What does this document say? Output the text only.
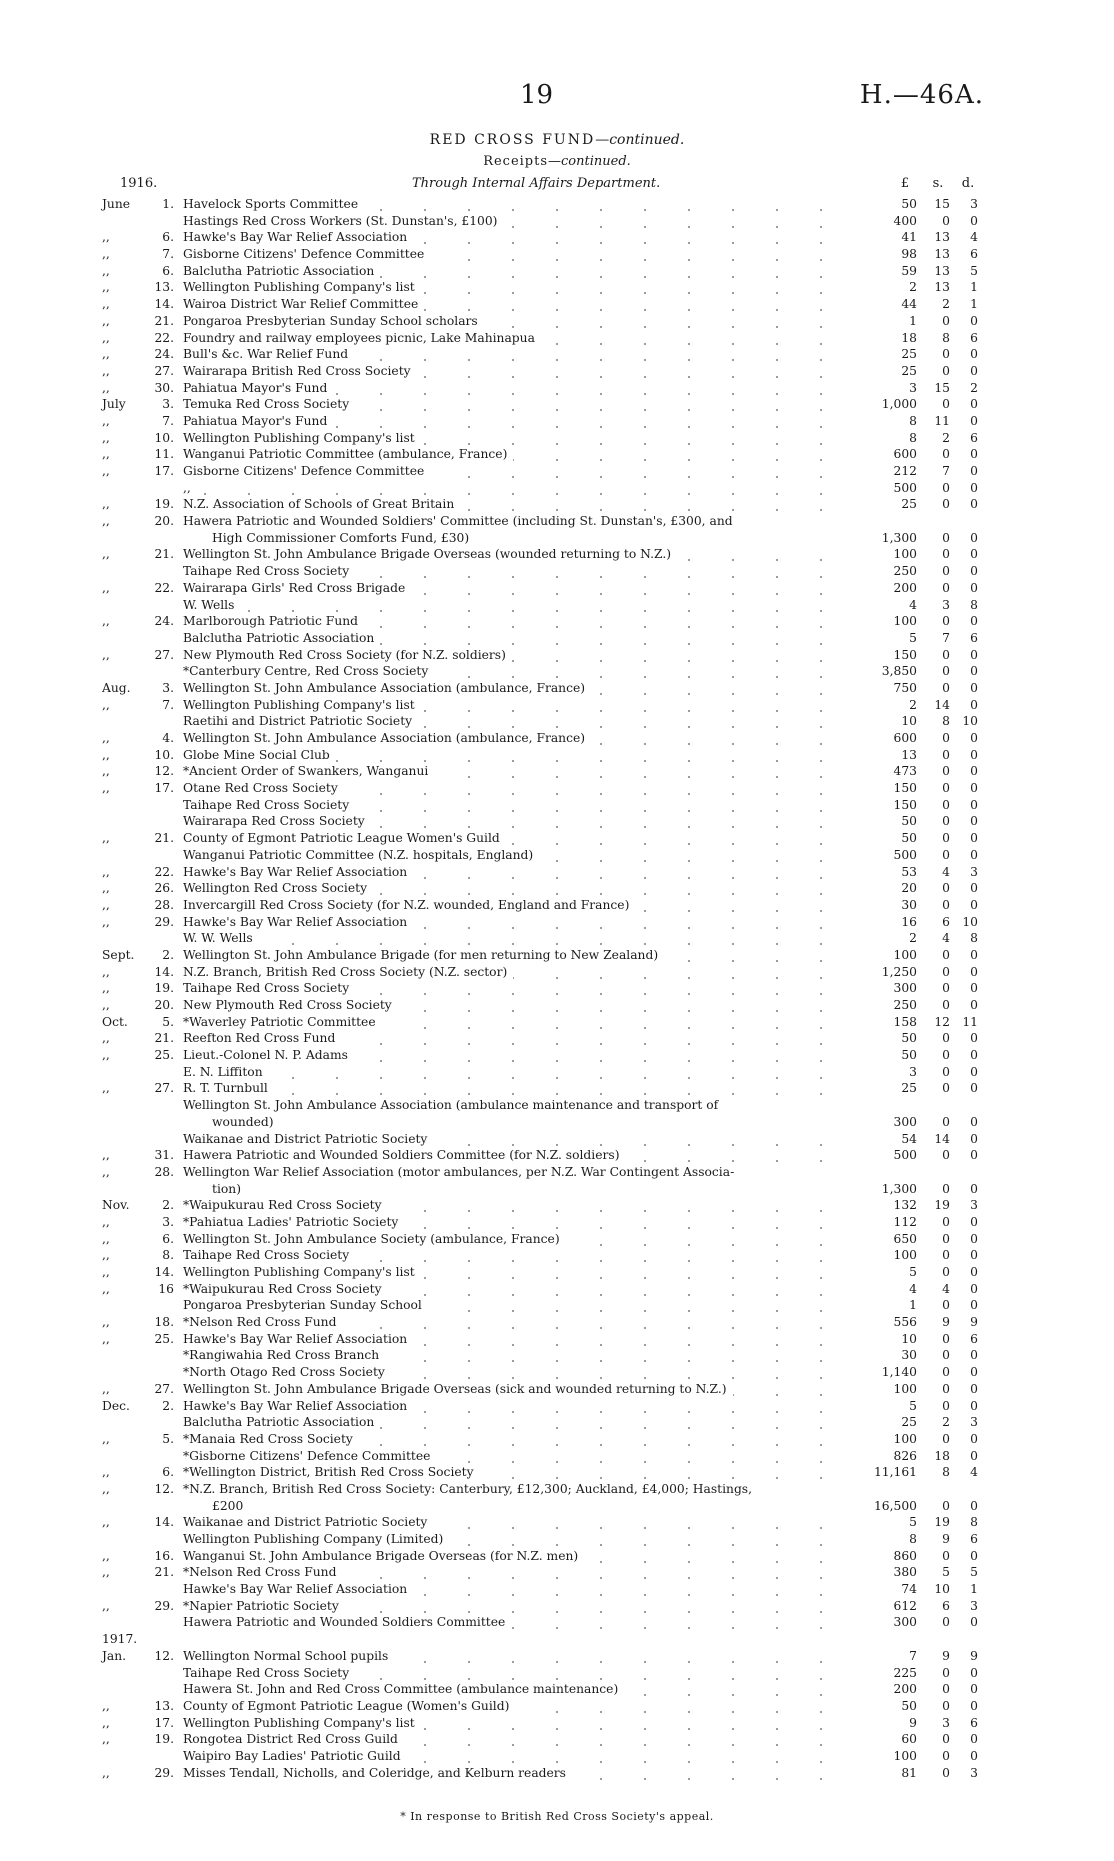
19	H.—46A.
RED CROSS FUND—continued.
Receipts—continued.
1916.	Through Internal Affairs Department.	£	s.	d.
June	1. Havelock Sports Committee	50	15	3
Hastings Red Cross Workers (St. Dunstan's, £100)	400	0	0
,,	6. Hawke's Bay War Relief Association	41	13	4
,,	7. Gisborne Citizens' Defence Committee	98	13	6
,,	6. Balclutha Patriotic Association	59	13	5
,,	13. Wellington Publishing Company's list	2	13	1
,,	14. Wairoa District War Relief Committee	44	2	1
,,	21. Pongaroa Presbyterian Sunday School scholars	1	0	0
,,	22. Foundry and railway employees picnic, Lake Mahinapua	18	8	6
,,	24. Bull's &c. War Relief Fund	25	0	0
,,	27. Wairarapa British Red Cross Society	25	0	0
,,	30. Pahiatua Mayor's Fund	3	15	2
July	3. Temuka Red Cross Society	1,000	0	0
,,	7. Pahiatua Mayor's Fund	8	11	0
,,	10. Wellington Publishing Company's list	8	2	6
,,	11. Wanganui Patriotic Committee (ambulance, France)	600	0	0
,,	17. Gisborne Citizens' Defence Committee	212	7	0
,,	500	0	0
,,	19. N.Z. Association of Schools of Great Britain	25	0	0
,,	20. Hawera Patriotic and Wounded Soldiers' Committee (including St. Dunstan's, £300, and
High Commissioner Comforts Fund, £30)	1,300	0	0
,,	21. Wellington St. John Ambulance Brigade Overseas (wounded returning to N.Z.)	100	0	0
Taihape Red Cross Society	250	0	0
,,	22. Wairarapa Girls' Red Cross Brigade	200	0	0
W. Wells	4	3	8
,,	24. Marlborough Patriotic Fund	100	0	0
Balclutha Patriotic Association	5	7	6
,,	27. New Plymouth Red Cross Society (for N.Z. soldiers)	150	0	0
*Canterbury Centre, Red Cross Society	3,850	0	0
Aug.	3. Wellington St. John Ambulance Association (ambulance, France)	750	0	0
,,	7. Wellington Publishing Company's list	2	14	0
Raetihi and District Patriotic Society	10	8	10
,,	4. Wellington St. John Ambulance Association (ambulance, France)	600	0	0
,,	10. Globe Mine Social Club	13	0	0
,,	12. *Ancient Order of Swankers, Wanganui	473	0	0
,,	17. Otane Red Cross Society	150	0	0
Taihape Red Cross Society	150	0	0
Wairarapa Red Cross Society	50	0	0
,,	21. County of Egmont Patriotic League Women's Guild	50	0	0
Wanganui Patriotic Committee (N.Z. hospitals, England)	500	0	0
,,	22. Hawke's Bay War Relief Association	53	4	3
,,	26. Wellington Red Cross Society	20	0	0
,,	28. Invercargill Red Cross Society (for N.Z. wounded, England and France)	30	0	0
,,	29. Hawke's Bay War Relief Association	16	6	10
W. W. Wells	2	4	8
Sept.	2. Wellington St. John Ambulance Brigade (for men returning to New Zealand)	100	0	0
,,	14. N.Z. Branch, British Red Cross Society (N.Z. sector)	1,250	0	0
,,	19. Taihape Red Cross Society	300	0	0
,,	20. New Plymouth Red Cross Society	250	0	0
Oct.	5. *Waverley Patriotic Committee	158	12	11
,,	21. Reefton Red Cross Fund	50	0	0
,,	25. Lieut.-Colonel N. P. Adams	50	0	0
E. N. Liffiton	3	0	0
,,	27. R. T. Turnbull	25	0	0
Wellington St. John Ambulance Association (ambulance maintenance and transport of
wounded)	300	0	0
Waikanae and District Patriotic Society	54	14	0
,,	31. Hawera Patriotic and Wounded Soldiers Committee (for N.Z. soldiers)	500	0	0
,,	28. Wellington War Relief Association (motor ambulances, per N.Z. War Contingent Associa-
tion)	1,300	0	0
Nov.	2. *Waipukurau Red Cross Society	132	19	3
,,	3. *Pahiatua Ladies' Patriotic Society	112	0	0
,,	6. Wellington St. John Ambulance Society (ambulance, France)	650	0	0
,,	8. Taihape Red Cross Society	100	0	0
,,	14. Wellington Publishing Company's list	5	0	0
,,	16 *Waipukurau Red Cross Society	4	4	0
Pongaroa Presbyterian Sunday School	1	0	0
,,	18. *Nelson Red Cross Fund	556	9	9
,,	25. Hawke's Bay War Relief Association	10	0	6
*Rangiwahia Red Cross Branch	30	0	0
*North Otago Red Cross Society	1,140	0	0
,,	27. Wellington St. John Ambulance Brigade Overseas (sick and wounded returning to N.Z.)	100	0	0
Dec.	2. Hawke's Bay War Relief Association	5	0	0
Balclutha Patriotic Association	25	2	3
,,	5. *Manaia Red Cross Society	100	0	0
*Gisborne Citizens' Defence Committee	826	18	0
,,	6. *Wellington District, British Red Cross Society	11,161	8	4
,,	12. *N.Z. Branch, British Red Cross Society: Canterbury, £12,300; Auckland, £4,000; Hastings,
£200	16,500	0	0
,,	14. Waikanae and District Patriotic Society	5	19	8
Wellington Publishing Company (Limited)	8	9	6
,,	16. Wanganui St. John Ambulance Brigade Overseas (for N.Z. men)	860	0	0
,,	21. *Nelson Red Cross Fund	380	5	5
Hawke's Bay War Relief Association	74	10	1
,,	29. *Napier Patriotic Society	612	6	3
Hawera Patriotic and Wounded Soldiers Committee	300	0	0
1917.
Jan.	12. Wellington Normal School pupils	7	9	9
Taihape Red Cross Society	225	0	0
Hawera St. John and Red Cross Committee (ambulance maintenance)	200	0	0
,,	13. County of Egmont Patriotic League (Women's Guild)	50	0	0
,,	17. Wellington Publishing Company's list	9	3	6
,,	19. Rongotea District Red Cross Guild	60	0	0
Waipiro Bay Ladies' Patriotic Guild	100	0	0
,,	29. Misses Tendall, Nicholls, and Coleridge, and Kelburn readers	81	0	3
* In response to British Red Cross Society's appeal.
